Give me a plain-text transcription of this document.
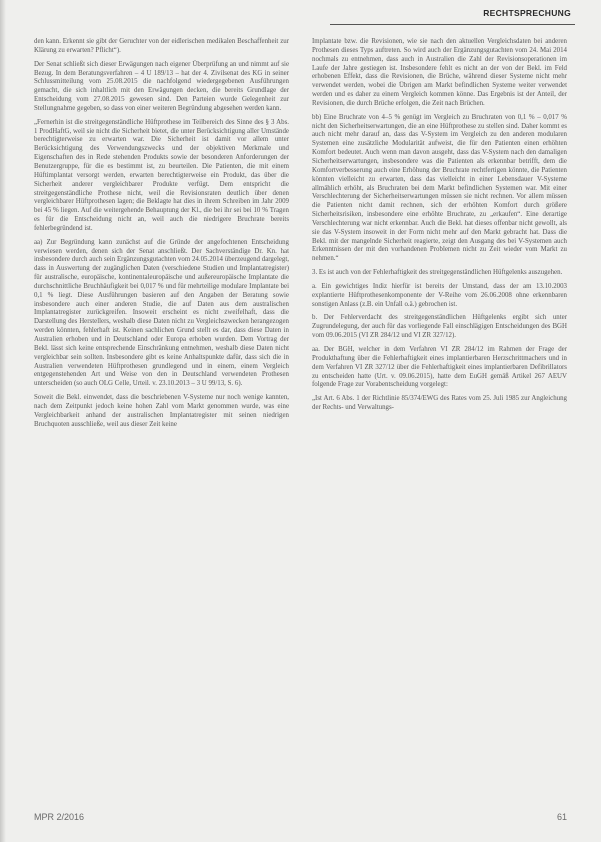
RECHTSPRECHUNG

den kann. Erkennt sie gibt der Geruchter von der eidlerischen medikalen Beschaffenheit zur Klärung zu erwarten? Pflicht“).

Der Senat schließt sich dieser Erwägungen nach eigener Überprüfung an und nimmt auf sie Bezug. In dem Beratungsverfahren – 4 U 189/13 – hat der 4. Zivilsenat des KG in seiner Schlussmitteilung vom 25.08.2015 die nachfolgend wiedergegebenen Ausführungen gemacht, die sich inhaltlich mit den Erwägungen decken, die bereits Grundlage der Entscheidung vom 27.08.2015 gewesen sind. Den Parteien wurde Gelegenheit zur Stellungnahme gegeben, so dass von einer weiteren Begründung abgesehen werden kann.

„Fernerhin ist die streitgegenständliche Hüftprothese im Teilbereich des Sinne des § 3 Abs. 1 ProdHaftG, weil sie nicht die Sicherheit bietet, die unter Berücksichtigung aller Umstände berechtigterweise zu erwarten war. Die Sicherheit ist damit vor allem unter Berücksichtigung des Verwendungszwecks und der objektiven Merkmale und Eigenschaften des in Rede stehenden Produkts sowie der besonderen Anforderungen der Benutzergruppe, für die es bestimmt ist, zu beurteilen. Die Patienten, die mit einem Hüftimplantat versorgt werden, erwarten berechtigterweise ein Produkt, das über die Sicherheit anderer vergleichbarer Produkte verfügt. Dem entspricht die streitgegenständliche Prothese nicht, weil die Revisionsraten deutlich über denen vergleichbarer Hüftprothesen lagen; die Beklagte hat dies in ihrem Schreiben im Jahr 2009 bei 45 % liegen. Auf die weitergehende Behauptung der Kl., die bei ihr sei bei 10 % Tragen es für die Entscheidung nicht an, weil auch die niedrigere Bruchrate bereits fehlerbegründend ist.

aa) Zur Begründung kann zunächst auf die Gründe der angefochtenen Entscheidung verwiesen werden, denen sich der Senat anschließt. Der Sachverständige Dr. Kn. hat insbesondere durch auch sein Ergänzungsgutachten vom 24.05.2014 überzeugend dargelegt, dass in Auswertung der zugänglichen Daten (verschiedene Studien und Implantatregister) für australische, europäische, kontinentaleuropäische und außereuropäische Implantate die durchschnittliche Bruchhäufigkeit bei 0,017 % und für mehrteilige modulare Implantate bei 0,1 % liegt. Diese Ausführungen basieren auf den Angaben der Beratung sowie insbesondere auch einer anderen Studie, die auf Daten aus dem australischen Implantatregister zurückgreifen. Insoweit erscheint es nicht zweifelhaft, dass die Darstellung des Herstellers, weshalb diese Daten nicht zu Vergleichszwecken herangezogen werden könnten, fehlerhaft ist. Keinen sachlichen Grund stellt es dar, dass diese Daten in Australien erhoben und in Deutschland oder Europa erhoben wurden. Dem Vortrag der Bekl. lässt sich keine entsprechende Einschränkung entnehmen, weshalb diese Daten nicht vergleichbar sein sollten. Insbesondere gibt es keine Anhaltspunkte dafür, dass sich die in Australien verwendeten Hüftprothesen grundlegend und in einem, einem Vergleich entgegenstehenden Art und Weise von den in Deutschland verwendeten Prothesen unterscheiden (so auch OLG Celle, Urteil. v. 23.10.2013 – 3 U 99/13, S. 6).

Soweit die Bekl. einwendet, dass die beschriebenen V-Systeme nur noch wenige kannten, nach dem Zeitpunkt jedoch keine hohen Zahl vom Markt genommen wurde, was eine Vergleichbarkeit anhand der australischen Implantatregister mit seinen niedrigen Bruchquoten ausschließe, weil aus dieser Zeit keine

Implantate bzw. die Revisionen, wie sie nach den aktuellen Vergleichsdaten bei anderen Prothesen dieses Typs auftreten. So wird auch der Ergänzungsgutachten vom 24. Mai 2014 nochmals zu entnehmen, dass auch in Australien die Zahl der Revisionsoperationen im Laufe der Jahre gestiegen ist. Insbesondere fehlt es nicht an der von der Bekl. im Feld erhobenen Effekt, dass die Revisionen, die Brüche, während dieser Systeme nicht mehr verwendet werden, wobei die Übrigen am Markt befindlichen Systeme weiter verwendet werden und es daher zu einem Vergleich kommen könne. Das Ergebnis ist der Anteil, der Revisionen, die durch Brüche erfolgen, die Zeit nach Brüchen.

bb) Eine Bruchrate von 4–5 % genügt im Vergleich zu Bruchraten von 0,1 % – 0,017 % nicht den Sicherheitserwartungen, die an eine Hüftprothese zu stellen sind. Daher kommt es auch nicht mehr darauf an, dass das V-System im Vergleich zu den anderen modularen Systemen eine zusätzliche Modularität aufweist, die für den Patienten einen erhöhten Komfort bedeutet. Auch wenn man davon ausgeht, dass das V-System nach den damaligen Sicherheitserwartungen, insbesondere was die Patienten als erkennbar betrifft, dem die Komfortverbesserung auch eine Erhöhung der Bruchrate rechtfertigen könnte, die Patienten könnten vielleicht zu erwarten, dass das vielleicht in einer Lebensdauer V-Systeme allmählich erhöht, als Bruchraten bei dem Markt befindlichen Systemen war. Mit einer Verschlechterung der Sicherheitserwartungen müssen sie nicht rechnen. Vor allem müssen die Patienten nicht damit rechnen, sich der erhöhten Komfort durch größere Sicherheitsrisiken, insbesondere eine erhöhte Bruchrate, zu „erkaufen“. Eine derartige Verschlechterung war nicht erkennbar. Auch die Bekl. hat dieses offenbar nicht gewollt, als sie das V-System insoweit in der Form nicht mehr auf den Markt gebracht hat. Dass die Bekl. mit der mangelnde Sicherheit reagierte, zeigt den Ausgang des bei V-Systemen auch Erkenntnissen der mit den vorhandenen Problemen nicht zu Zeit wieder vom Markt zu nehmen.“

3. Es ist auch von der Fehlerhaftigkeit des streitgegenständlichen Hüftgelenks auszugehen.

a. Ein gewichtiges Indiz hierfür ist bereits der Umstand, dass der am 13.10.2003 explantierte Hüftprothesenkomponente der V-Reihe vom 26.06.2008 ohne erkennbaren sonstigen Anlass (z.B. ein Unfall o.ä.) gebrochen ist.

b. Der Fehlerverdacht des streitgegenständlichen Hüftgelenks ergibt sich unter Zugrundelegung, der auch für das vorliegende Fall einschlägigen Entscheidungen des BGH vom 09.06.2015 (VI ZR 284/12 und VI ZR 327/12).

aa. Der BGH, welcher in dem Verfahren VI ZR 284/12 im Rahmen der Frage der Produkthaftung über die Fehlerhaftigkeit eines implantierbaren Herzschrittmachers und in dem Verfahren VI ZR 327/12 über die Fehlerhaftigkeit eines implantierbaren Defibrillators zu entscheiden hatte (Urt. v. 09.06.2015), hatte dem EuGH gemäß Artikel 267 AEUV folgende Frage zur Vorabentscheidung vorgelegt:

„Ist Art. 6 Abs. 1 der Richtlinie 85/374/EWG des Rates vom 25. Juli 1985 zur Angleichung der Rechts- und Verwaltungs-

MPR 2/2016	61
